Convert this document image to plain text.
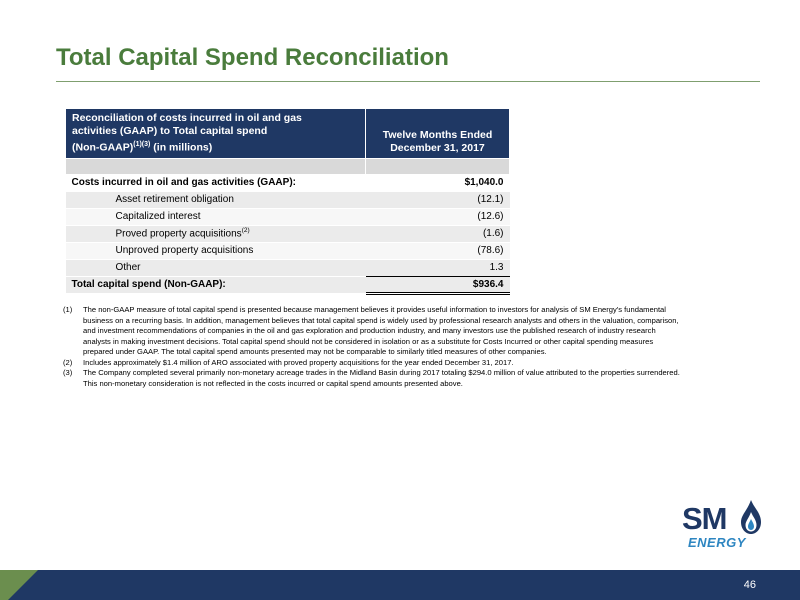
Total Capital Spend Reconciliation
Reconciliation of costs incurred in oil and gas
activities (GAAP) to Total capital spend
(Non-GAAP)$^{(1)(3)}$ (in millions)	Twelve Months Ended
December 31, 2017

Costs incurred in oil and gas activities (GAAP):	$1,040.0
Asset retirement obligation	(12.1)
Capitalized interest	(12.6)
Proved property acquisitions$^{(2)}$	(1.6)
Unproved property acquisitions	(78.6)
Other	1.3
Total capital spend (Non-GAAP):	$936.4
(1)	The non-GAAP measure of total capital spend is presented because management believes it provides useful information to investors for analysis of SM Energy's fundamental business on a recurring basis. In addition, management believes that total capital spend is widely used by professional research analysts and others in the valuation, comparison, and investment recommendations of companies in the oil and gas exploration and production industry, and many investors use the published research of industry research analysts in making investment decisions. Total capital spend should not be considered in isolation or as a substitute for Costs Incurred or other capital spending measures prepared under GAAP. The total capital spend amounts presented may not be comparable to similarly titled measures of other companies.
(2)	Includes approximately $1.4 million of ARO associated with proved property acquisitions for the year ended December 31, 2017.
(3)	The Company completed several primarily non-monetary acreage trades in the Midland Basin during 2017 totaling $294.0 million of value attributed to the properties surrendered. This non-monetary consideration is not reflected in the costs incurred or capital spend amounts presented above.
SM
ENERGY
46
